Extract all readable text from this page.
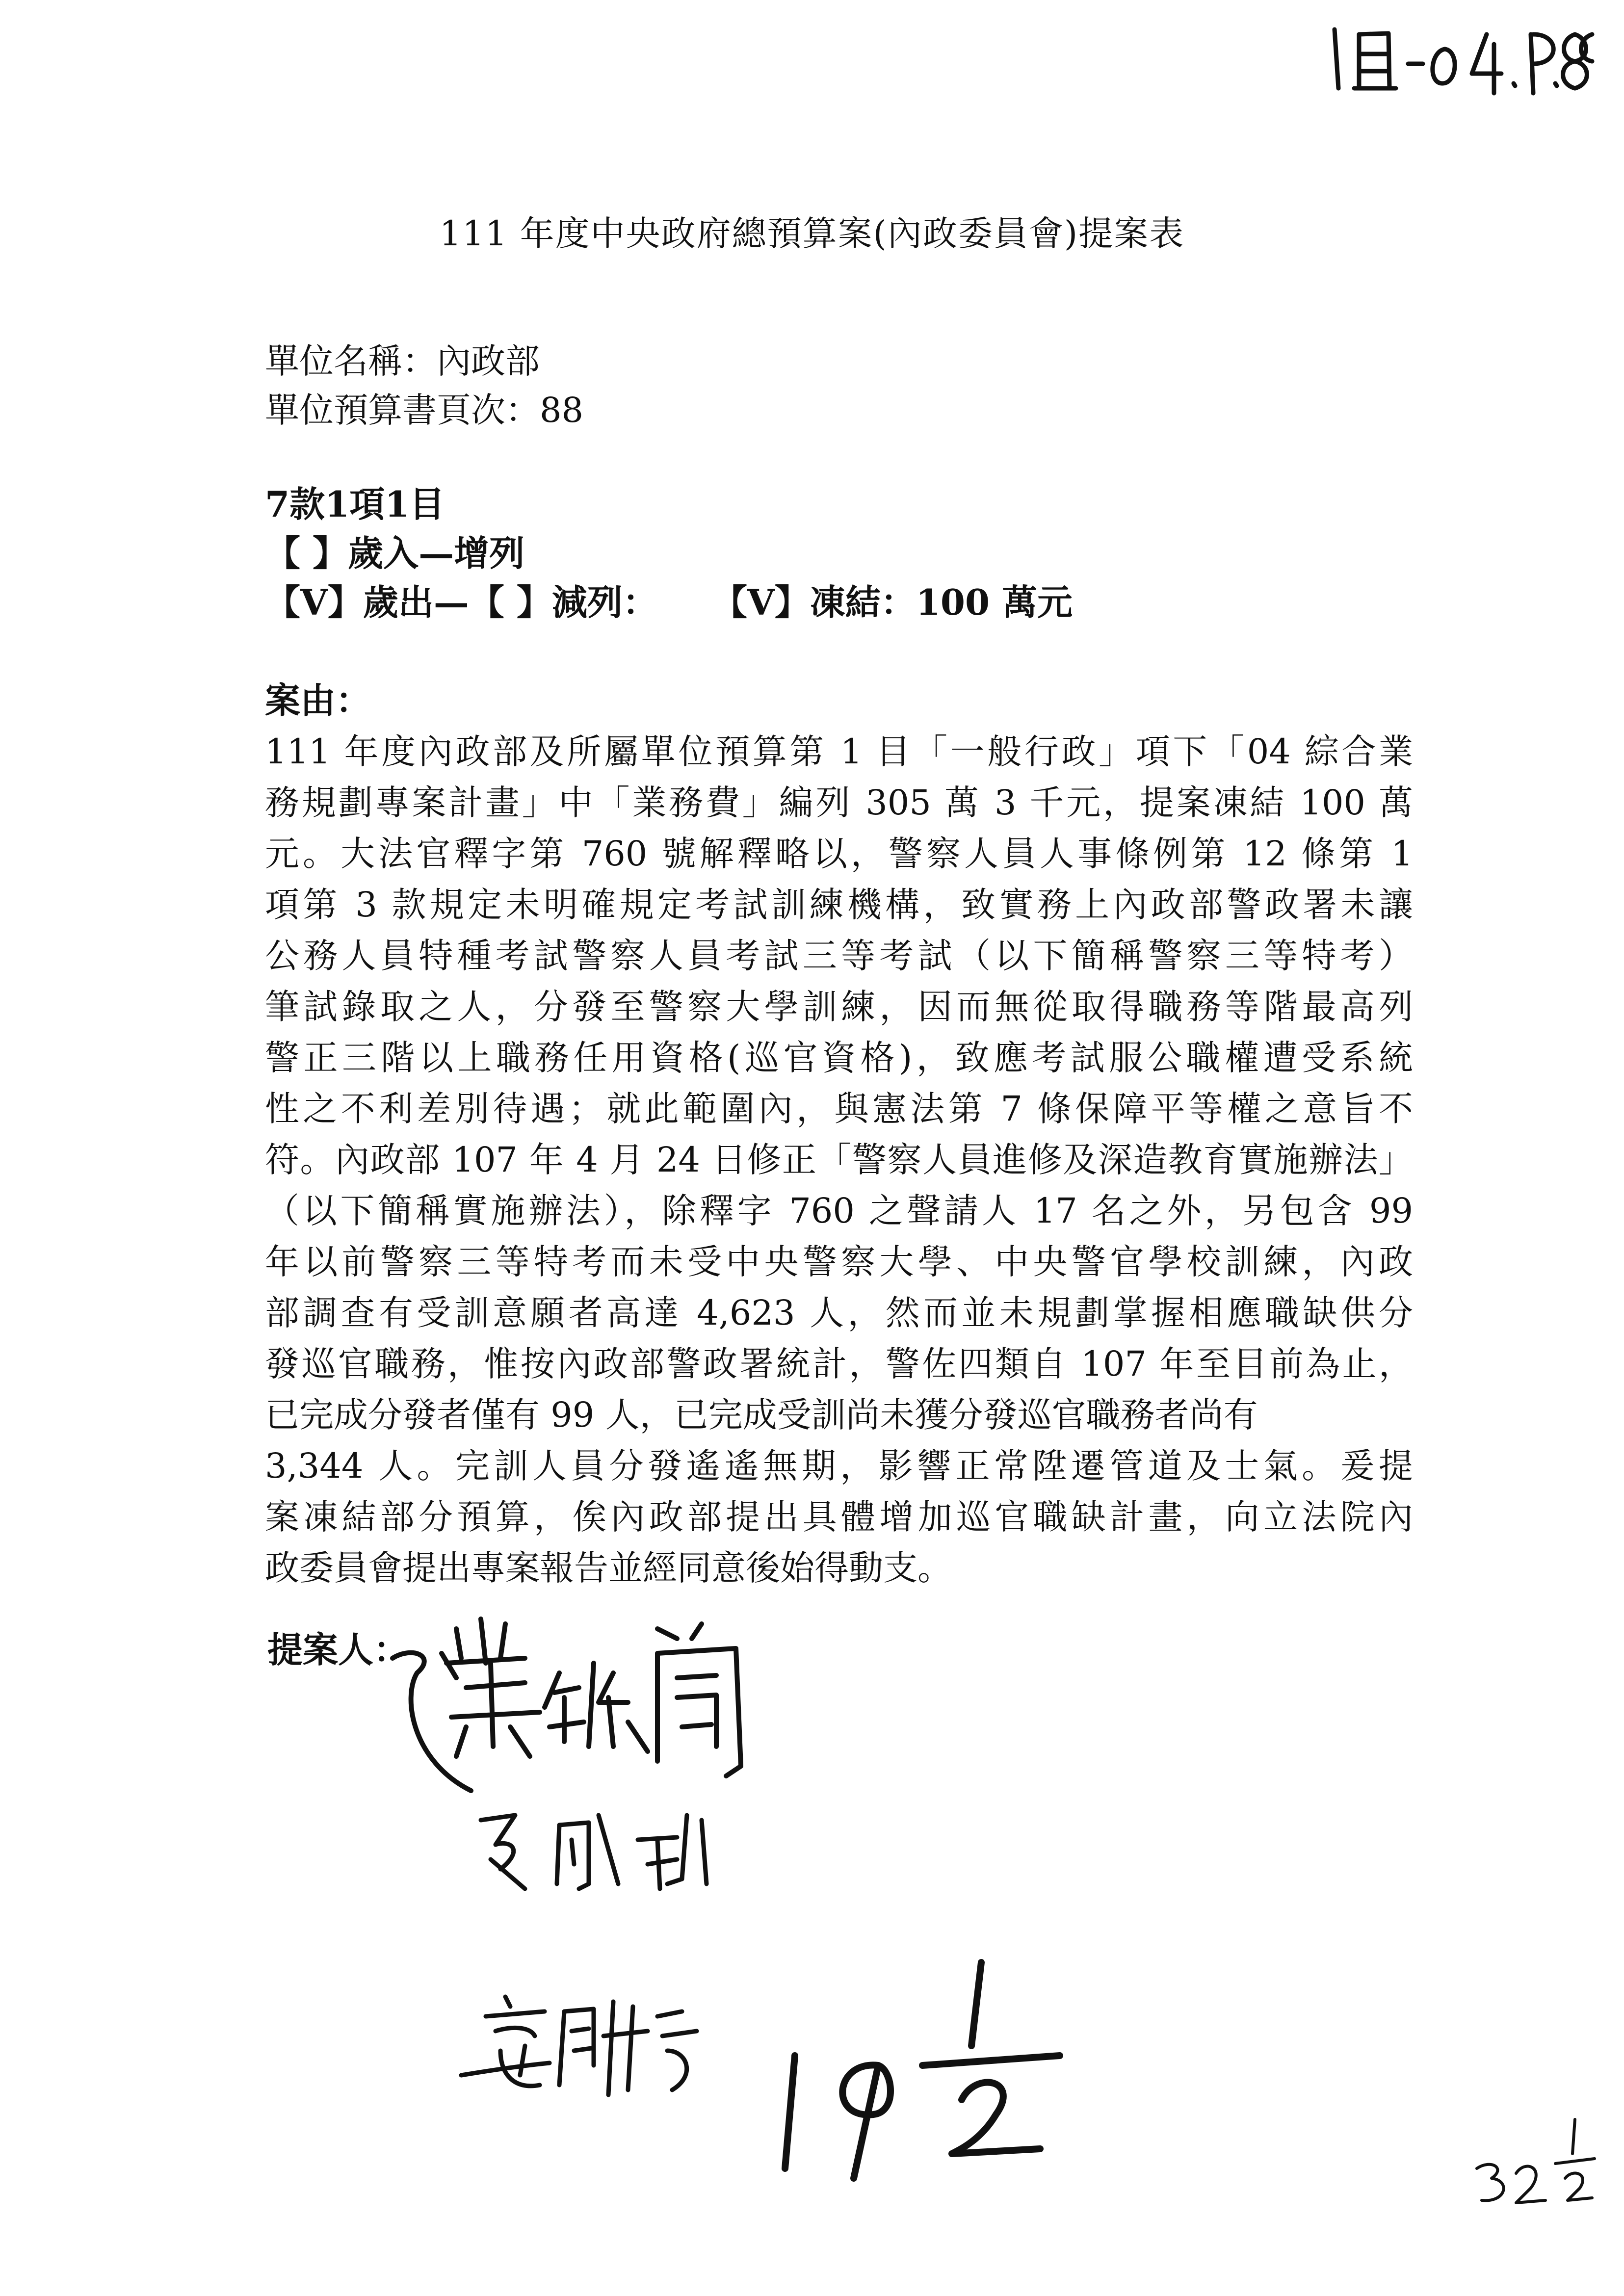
111 年度中央政府總預算案(內政委員會)提案表
單位名稱：內政部
單位預算書頁次：88
7款1項1目
【 】歲入—增列
【V】歲出—【 】減列： 【V】凍結：100 萬元
案由：
111 年度內政部及所屬單位預算第 1 目「一般行政」項下「04 綜合業
務規劃專案計畫」中「業務費」編列 305 萬 3 千元，提案凍結 100 萬
元。大法官釋字第 760 號解釋略以，警察人員人事條例第 12 條第 1
項第 3 款規定未明確規定考試訓練機構，致實務上內政部警政署未讓
公務人員特種考試警察人員考試三等考試（以下簡稱警察三等特考）
筆試錄取之人，分發至警察大學訓練，因而無從取得職務等階最高列
警正三階以上職務任用資格(巡官資格)，致應考試服公職權遭受系統
性之不利差別待遇；就此範圍內，與憲法第 7 條保障平等權之意旨不
符。內政部 107 年 4 月 24 日修正「警察人員進修及深造教育實施辦法」
（以下簡稱實施辦法），除釋字 760 之聲請人 17 名之外，另包含 99
年以前警察三等特考而未受中央警察大學、中央警官學校訓練，內政
部調查有受訓意願者高達 4,623 人，然而並未規劃掌握相應職缺供分
發巡官職務，惟按內政部警政署統計，警佐四類自 107 年至目前為止，
已完成分發者僅有 99 人，已完成受訓尚未獲分發巡官職務者尚有
3,344 人。完訓人員分發遙遙無期，影響正常陞遷管道及士氣。爰提
案凍結部分預算，俟內政部提出具體增加巡官職缺計畫，向立法院內
政委員會提出專案報告並經同意後始得動支。
提案人：
